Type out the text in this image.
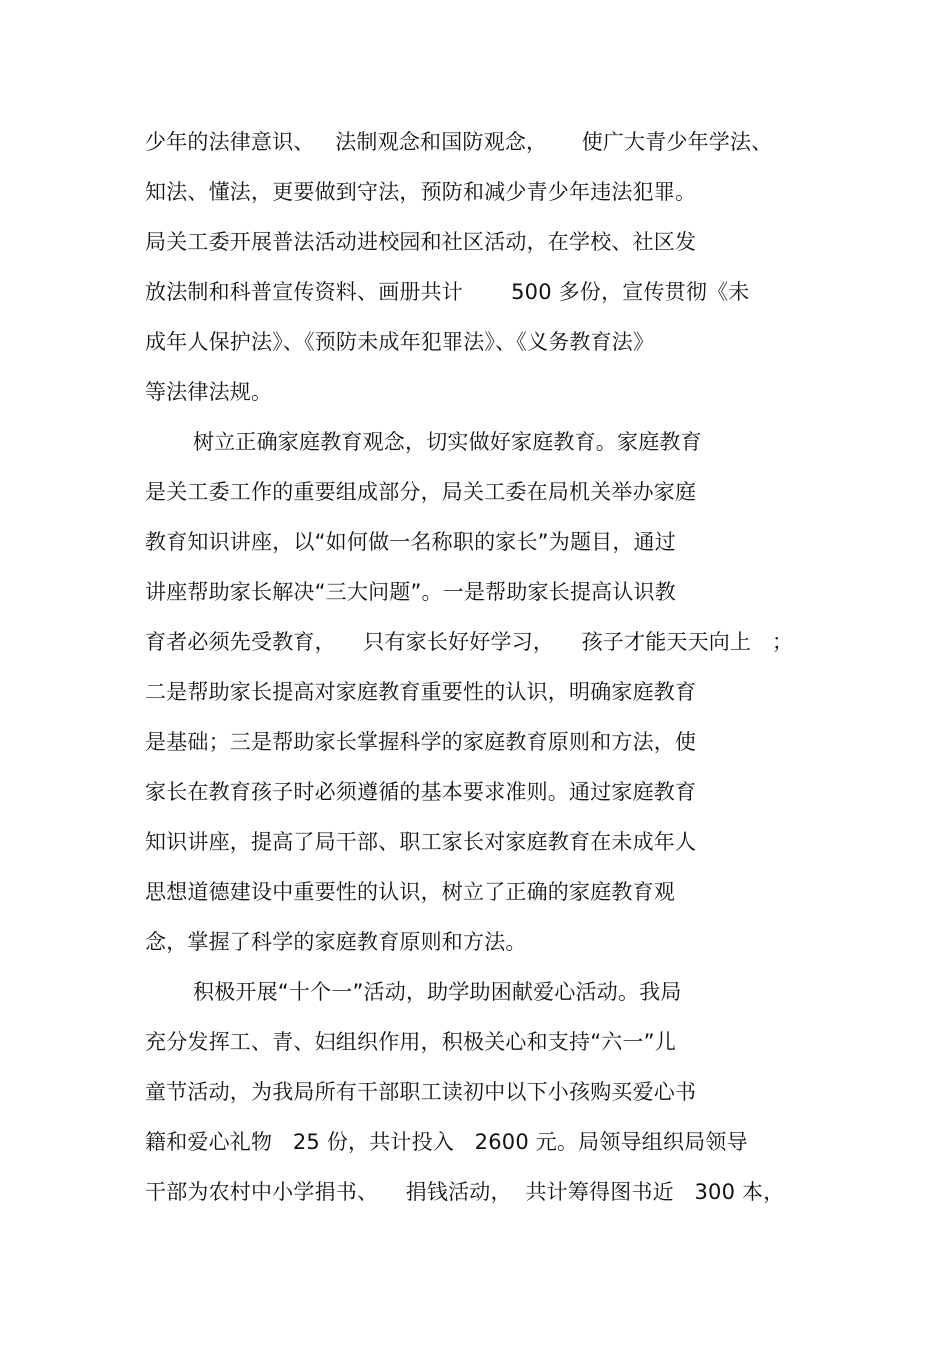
少年的法律意识、   法制观念和国防观念，     使广大青少年学法、
知法、懂法，更要做到守法，预防和减少青少年违法犯罪。
局关工委开展普法活动进校园和社区活动，在学校、社区发
放法制和科普宣传资料、画册共计       500 多份，宣传贯彻《未
成年人保护法》、《预防未成年犯罪法》、《义务教育法》
等法律法规。
树立正确家庭教育观念，切实做好家庭教育。家庭教育
是关工委工作的重要组成部分，局关工委在局机关举办家庭
教育知识讲座，以“如何做一名称职的家长”为题目，通过
讲座帮助家长解决“三大问题”。一是帮助家长提高认识教
育者必须先受教育，    只有家长好好学习，    孩子才能天天向上   ；
二是帮助家长提高对家庭教育重要性的认识，明确家庭教育
是基础；三是帮助家长掌握科学的家庭教育原则和方法，使
家长在教育孩子时必须遵循的基本要求准则。通过家庭教育
知识讲座，提高了局干部、职工家长对家庭教育在未成年人
思想道德建设中重要性的认识，树立了正确的家庭教育观
念，掌握了科学的家庭教育原则和方法。
积极开展“十个一”活动，助学助困献爱心活动。我局
充分发挥工、青、妇组织作用，积极关心和支持“六一”儿
童节活动，为我局所有干部职工读初中以下小孩购买爱心书
籍和爱心礼物   25 份，共计投入   2600 元。局领导组织局领导
干部为农村中小学捐书、    捐钱活动，  共计筹得图书近   300 本，
